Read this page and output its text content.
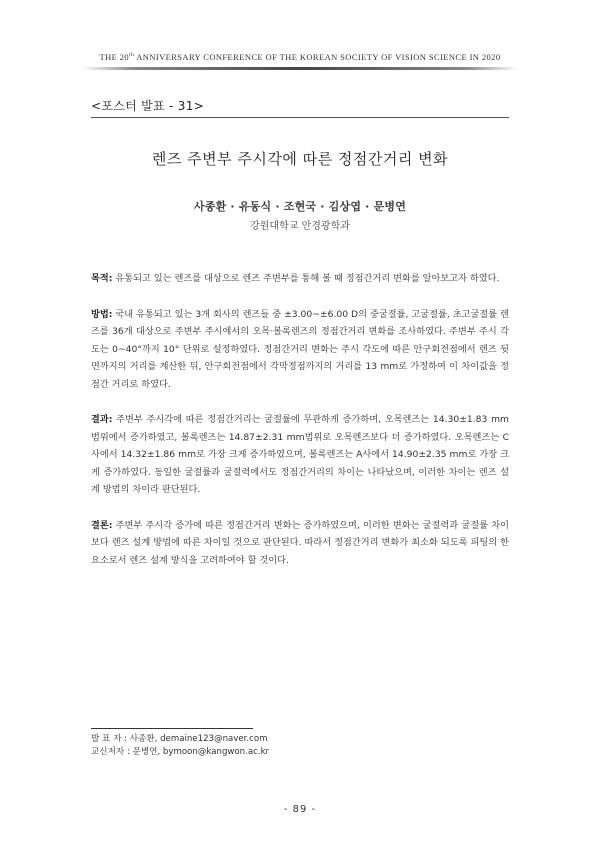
THE 20th ANNIVERSARY CONFERENCE OF THE KOREAN SOCIETY OF VISION SCIENCE IN 2020
<포스터 발표 - 31>
렌즈 주변부 주시각에 따른 정점간거리 변화
사종환 · 유동식 · 조현국 · 김상엽 · 문병연
강원대학교 안경광학과

목적: 유통되고 있는 렌즈를 대상으로 렌즈 주변부를 통해 볼 때 정점간거리 변화를 알아보고자 하였다.

방법: 국내 유통되고 있는 3개 회사의 렌즈들 중 ±3.00~±6.00 D의 중굴절률, 고굴절률, 초고굴절률 렌즈를 36개 대상으로 주변부 주시에서의 오목·볼록렌즈의 정점간거리 변화를 조사하였다. 주변부 주시 각도는 0~40°까지 10° 단위로 설정하였다. 정점간거리 변화는 주시 각도에 따른 안구회전점에서 렌즈 뒷면까지의 거리를 계산한 뒤, 안구회전점에서 각막정점까지의 거리를 13 mm로 가정하여 이 차이값을 정점간 거리로 하였다.

결과: 주변부 주시각에 따른 정점간거리는 굴절률에 무관하게 증가하며, 오목렌즈는 14.30±1.83 mm 범위에서 증가하였고, 볼록렌즈는 14.87±2.31 mm범위로 오목렌즈보다 더 증가하였다. 오목렌즈는 C사에서 14.32±1.86 mm로 가장 크게 증가하였으며, 볼록렌즈는 A사에서 14.90±2.35 mm로 가장 크게 증가하였다. 동일한 굴절률과 굴절력에서도 정점간거리의 차이는 나타났으며, 이러한 차이는 렌즈 설계 방법의 차이라 판단된다.

결론: 주변부 주시각 증가에 따른 정점간거리 변화는 증가하였으며, 이러한 변화는 굴절력과 굴절률 차이보다 렌즈 설계 방법에 따른 차이일 것으로 판단된다. 따라서 정점간거리 변화가 최소화 되도록 피팅의 한 요소로서 렌즈 설계 방식을 고려하여야 할 것이다.

발 표 자 : 사종환, demaine123@naver.com
교신저자 : 문병연, bymoon@kangwon.ac.kr
- 89 -
